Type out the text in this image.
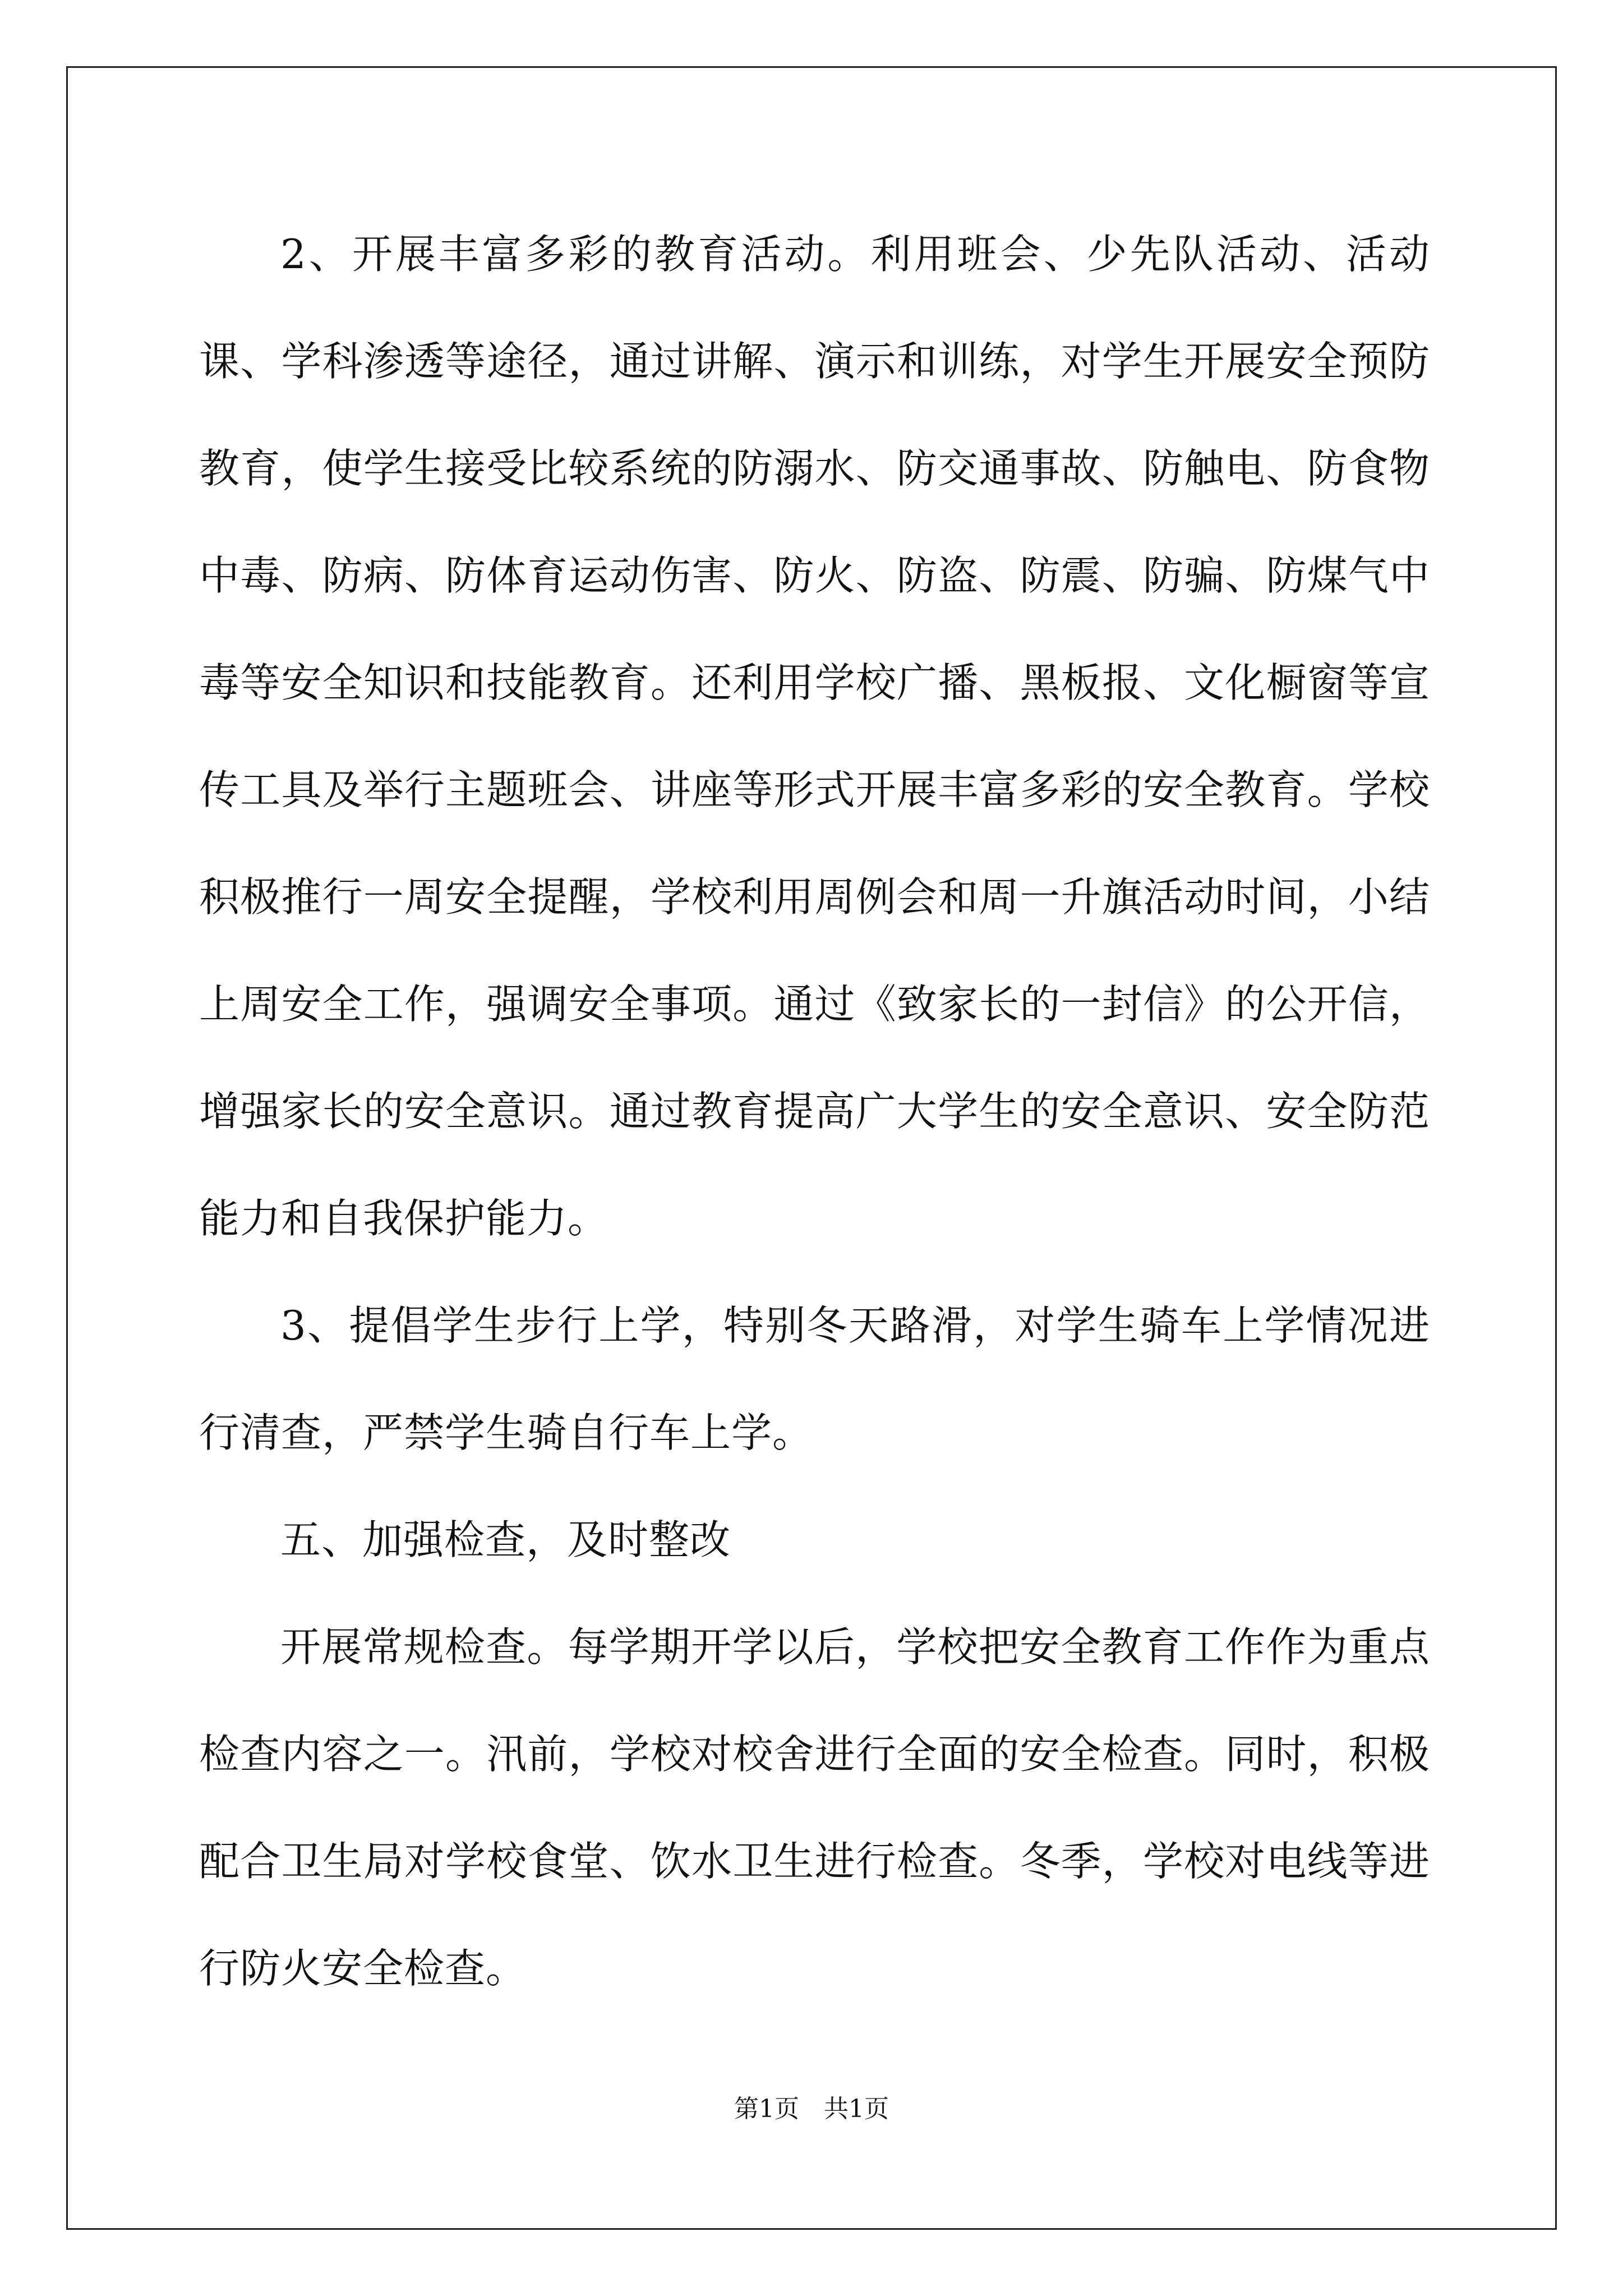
2、开展丰富多彩的教育活动。利用班会、少先队活动、活动课、学科渗透等途径，通过讲解、演示和训练，对学生开展安全预防教育，使学生接受比较系统的防溺水、防交通事故、防触电、防食物中毒、防病、防体育运动伤害、防火、防盗、防震、防骗、防煤气中毒等安全知识和技能教育。还利用学校广播、黑板报、文化橱窗等宣传工具及举行主题班会、讲座等形式开展丰富多彩的安全教育。学校积极推行一周安全提醒，学校利用周例会和周一升旗活动时间，小结上周安全工作，强调安全事项。通过《致家长的一封信》的公开信，增强家长的安全意识。通过教育提高广大学生的安全意识、安全防范能力和自我保护能力。

3、提倡学生步行上学，特别冬天路滑，对学生骑车上学情况进行清查，严禁学生骑自行车上学。

五、加强检查，及时整改

开展常规检查。每学期开学以后，学校把安全教育工作作为重点检查内容之一。汛前，学校对校舍进行全面的安全检查。同时，积极配合卫生局对学校食堂、饮水卫生进行检查。冬季，学校对电线等进行防火安全检查。

第1页　共1页
